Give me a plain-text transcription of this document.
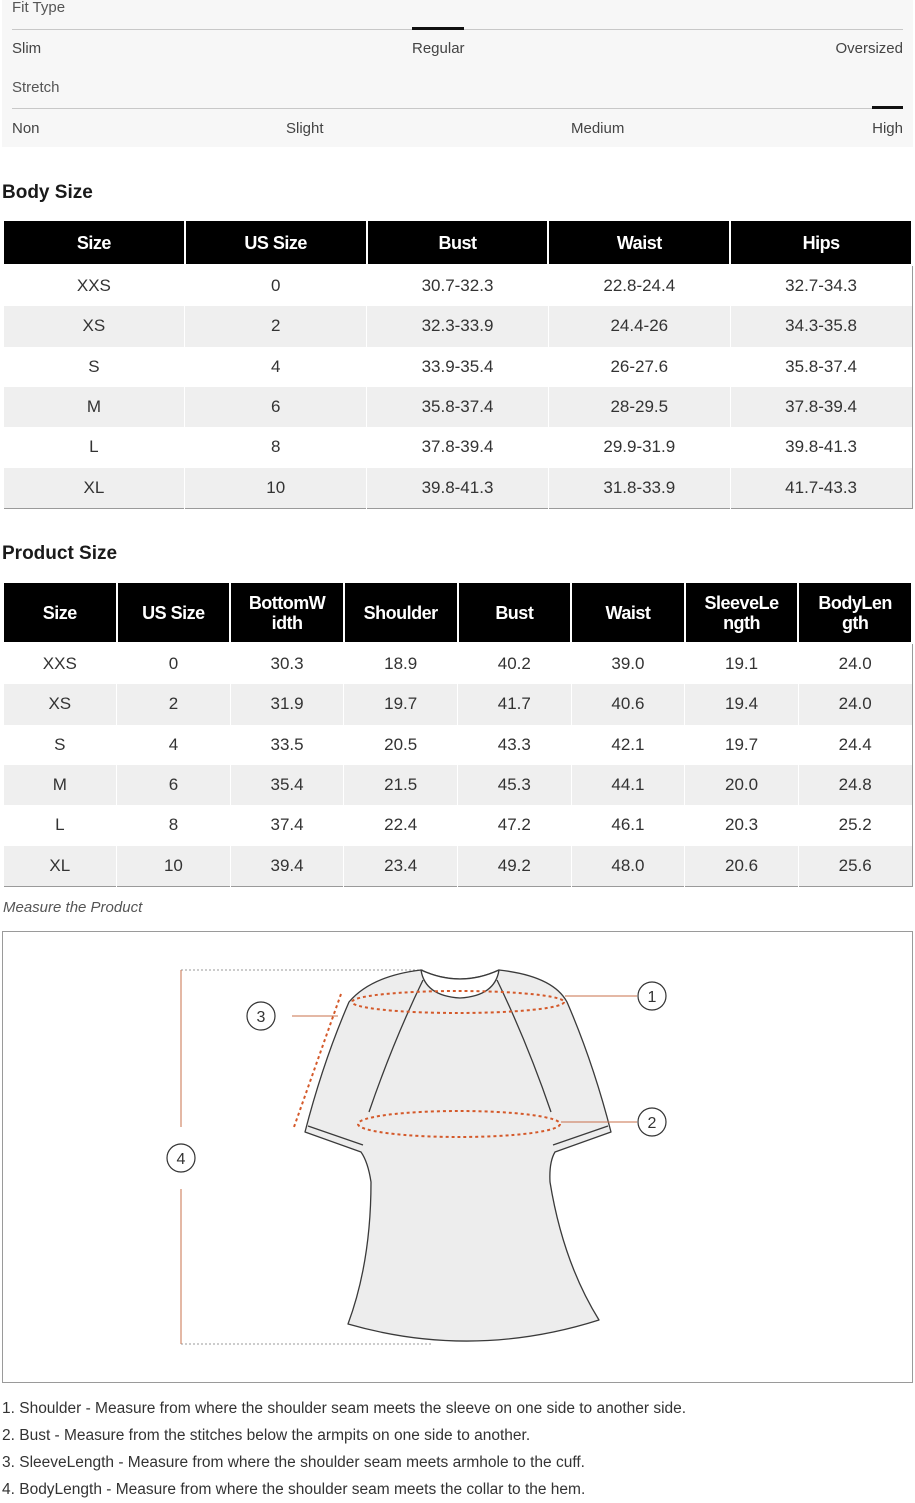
Fit Type
Slim	Regular	Oversized
Stretch
Non	Slight	Medium	High
Body Size
Size	US Size	Bust	Waist	Hips
XXS	0	30.7-32.3	22.8-24.4	32.7-34.3
XS	2	32.3-33.9	24.4-26	34.3-35.8
S	4	33.9-35.4	26-27.6	35.8-37.4
M	6	35.8-37.4	28-29.5	37.8-39.4
L	8	37.8-39.4	29.9-31.9	39.8-41.3
XL	10	39.8-41.3	31.8-33.9	41.7-43.3
Product Size
Size	US Size	BottomW idth	Shoulder	Bust	Waist	SleeveLe ngth	BodyLen gth
XXS	0	30.3	18.9	40.2	39.0	19.1	24.0
XS	2	31.9	19.7	41.7	40.6	19.4	24.0
S	4	33.5	20.5	43.3	42.1	19.7	24.4
M	6	35.4	21.5	45.3	44.1	20.0	24.8
L	8	37.4	22.4	47.2	46.1	20.3	25.2
XL	10	39.4	23.4	49.2	48.0	20.6	25.6
Measure the Product
1
2
3
4
1. Shoulder - Measure from where the shoulder seam meets the sleeve on one side to another side.
2. Bust - Measure from the stitches below the armpits on one side to another.
3. SleeveLength - Measure from where the shoulder seam meets armhole to the cuff.
4. BodyLength - Measure from where the shoulder seam meets the collar to the hem.
